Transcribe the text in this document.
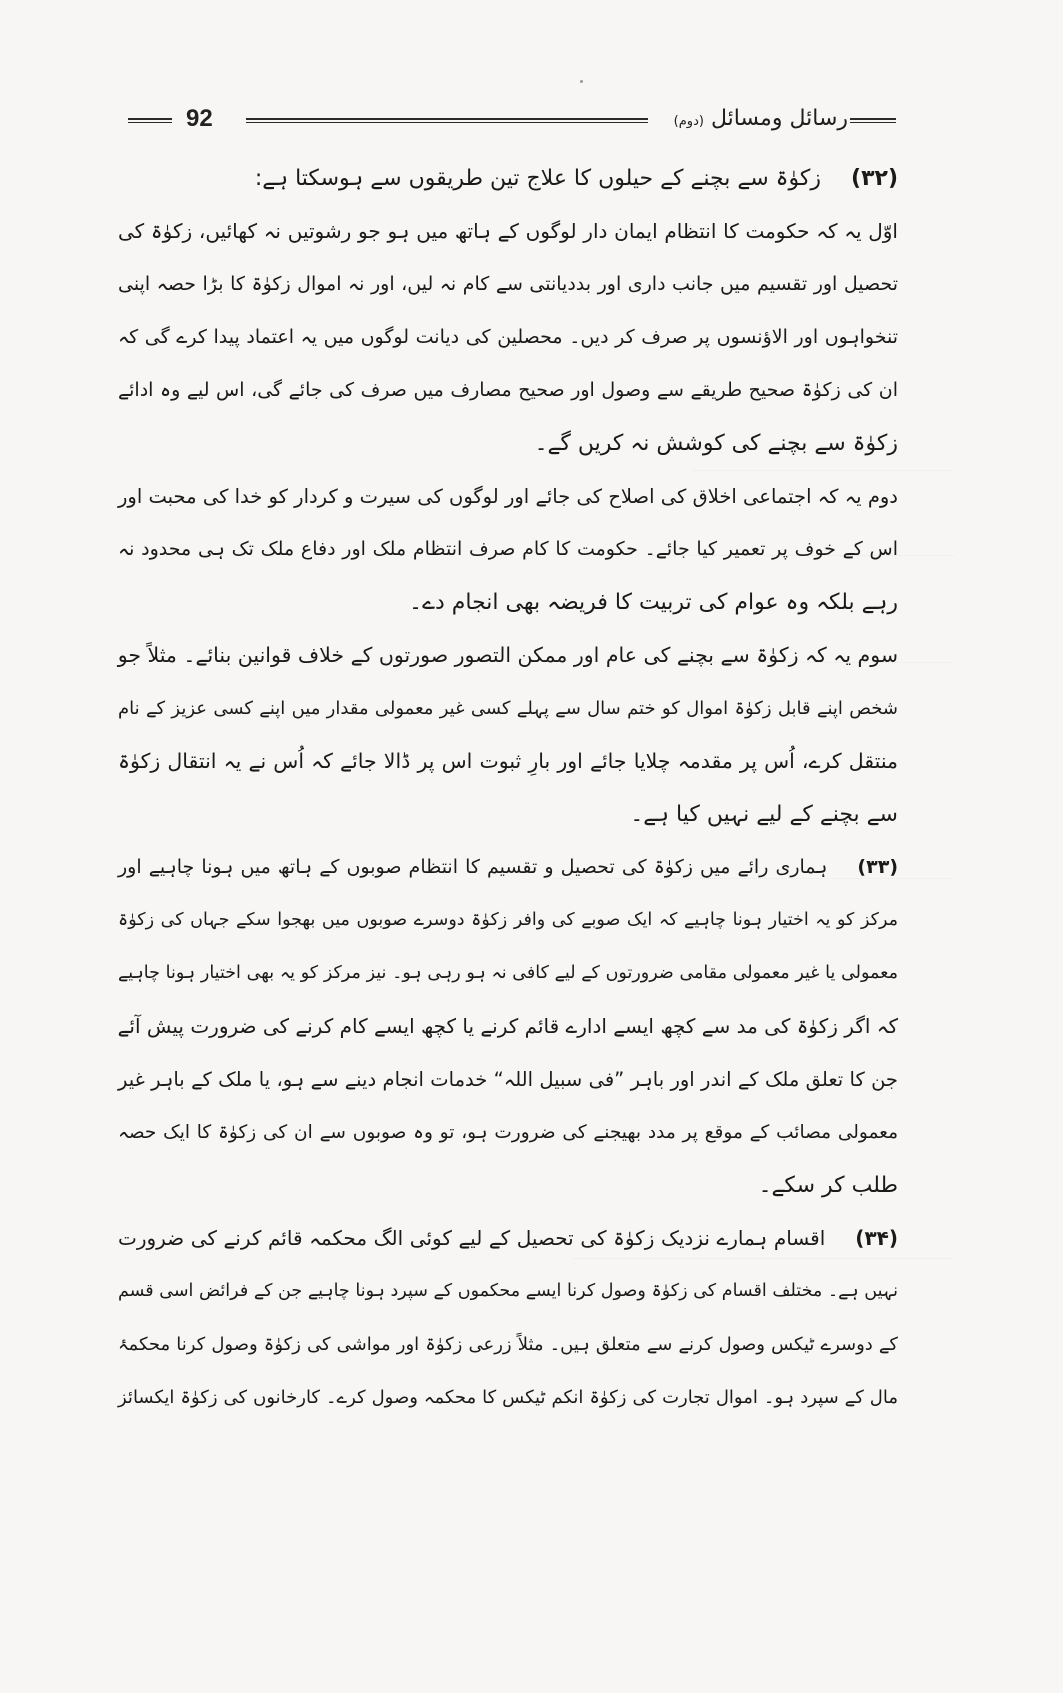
92	رسائل ومسائل (دوم)
(۳۲)زکوٰۃ سے بچنے کے حیلوں کا علاج تین طریقوں سے ہوسکتا ہے:
اوّل یہ کہ حکومت کا انتظام ایمان دار لوگوں کے ہاتھ میں ہو جو رشوتیں نہ کھائیں، زکوٰۃ کی
تحصیل اور تقسیم میں جانب داری اور بددیانتی سے کام نہ لیں، اور نہ اموال زکوٰۃ کا بڑا حصہ اپنی
تنخواہوں اور الاؤنسوں پر صرف کر دیں۔ محصلین کی دیانت لوگوں میں یہ اعتماد پیدا کرے گی کہ
ان کی زکوٰۃ صحیح طریقے سے وصول اور صحیح مصارف میں صرف کی جائے گی، اس لیے وہ ادائے
زکوٰۃ سے بچنے کی کوشش نہ کریں گے۔
دوم یہ کہ اجتماعی اخلاق کی اصلاح کی جائے اور لوگوں کی سیرت و کردار کو خدا کی محبت اور
اس کے خوف پر تعمیر کیا جائے۔ حکومت کا کام صرف انتظام ملک اور دفاع ملک تک ہی محدود نہ
رہے بلکہ وہ عوام کی تربیت کا فریضہ بھی انجام دے۔
سوم یہ کہ زکوٰۃ سے بچنے کی عام اور ممکن التصور صورتوں کے خلاف قوانین بنائے۔ مثلاً جو
شخص اپنے قابل زکوٰۃ اموال کو ختم سال سے پہلے کسی غیر معمولی مقدار میں اپنے کسی عزیز کے نام
منتقل کرے، اُس پر مقدمہ چلایا جائے اور بارِ ثبوت اس پر ڈالا جائے کہ اُس نے یہ انتقال زکوٰۃ
سے بچنے کے لیے نہیں کیا ہے۔
(۳۳)ہماری رائے میں زکوٰۃ کی تحصیل و تقسیم کا انتظام صوبوں کے ہاتھ میں ہونا چاہیے اور
مرکز کو یہ اختیار ہونا چاہیے کہ ایک صوبے کی وافر زکوٰۃ دوسرے صوبوں میں بھجوا سکے جہاں کی زکوٰۃ
معمولی یا غیر معمولی مقامی ضرورتوں کے لیے کافی نہ ہو رہی ہو۔ نیز مرکز کو یہ بھی اختیار ہونا چاہیے
کہ اگر زکوٰۃ کی مد سے کچھ ایسے ادارے قائم کرنے یا کچھ ایسے کام کرنے کی ضرورت پیش آئے
جن کا تعلق ملک کے اندر اور باہر ”فی سبیل اللہ“ خدمات انجام دینے سے ہو، یا ملک کے باہر غیر
معمولی مصائب کے موقع پر مدد بھیجنے کی ضرورت ہو، تو وہ صوبوں سے ان کی زکوٰۃ کا ایک حصہ
طلب کر سکے۔
(۳۴)اقسام ہمارے نزدیک زکوٰۃ کی تحصیل کے لیے کوئی الگ محکمہ قائم کرنے کی ضرورت
نہیں ہے۔ مختلف اقسام کی زکوٰۃ وصول کرنا ایسے محکموں کے سپرد ہونا چاہیے جن کے فرائض اسی قسم
کے دوسرے ٹیکس وصول کرنے سے متعلق ہیں۔ مثلاً زرعی زکوٰۃ اور مواشی کی زکوٰۃ وصول کرنا محکمۂ
مال کے سپرد ہو۔ اموال تجارت کی زکوٰۃ انکم ٹیکس کا محکمہ وصول کرے۔ کارخانوں کی زکوٰۃ ایکسائز
